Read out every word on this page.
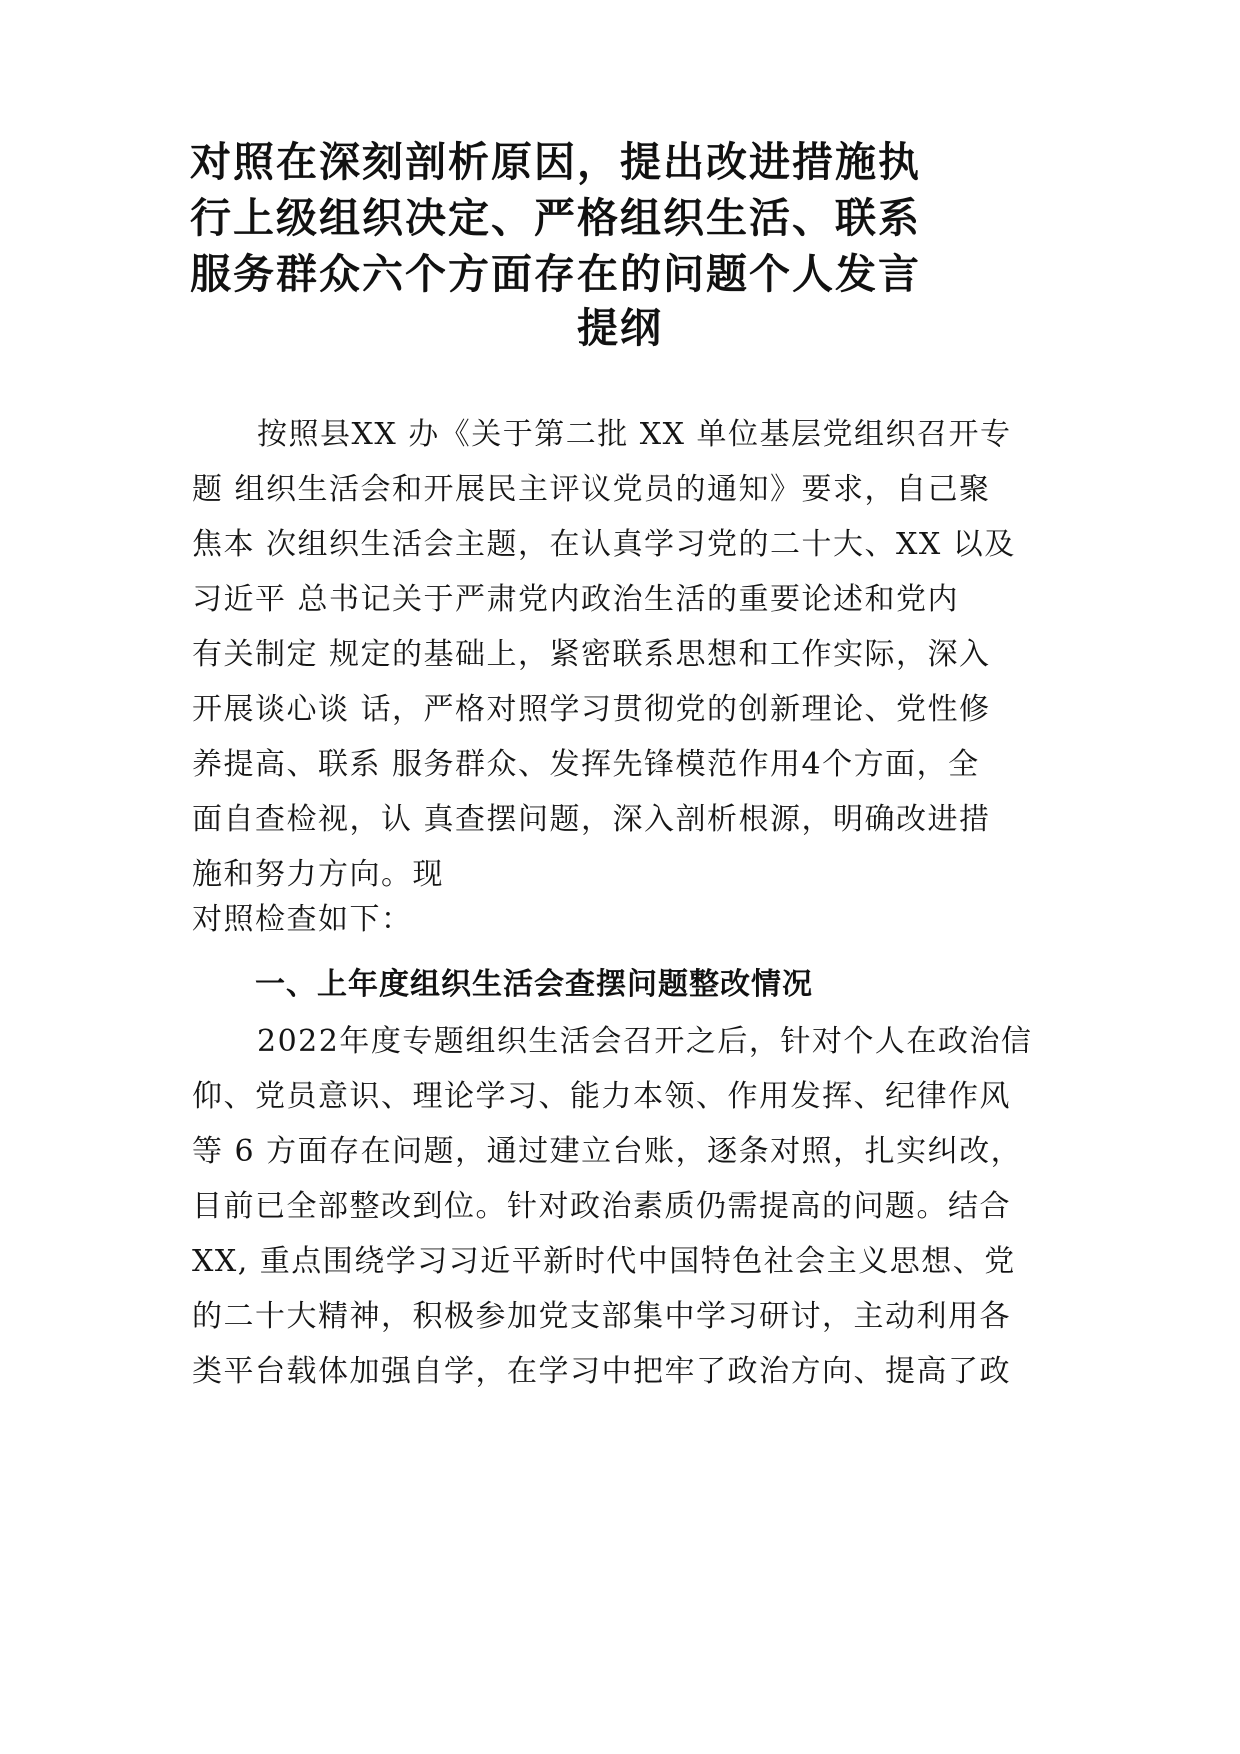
对照在深刻剖析原因，提出改进措施执
行上级组织决定、严格组织生活、联系
服务群众六个方面存在的问题个人发言
提纲
按照县XX 办《关于第二批 XX 单位基层党组织召开专
题 组织生活会和开展民主评议党员的通知》要求，自己聚
焦本 次组织生活会主题，在认真学习党的二十大、XX 以及
习近平 总书记关于严肃党内政治生活的重要论述和党内
有关制定 规定的基础上，紧密联系思想和工作实际，深入
开展谈心谈 话，严格对照学习贯彻党的创新理论、党性修
养提高、联系 服务群众、发挥先锋模范作用4个方面，全
面自查检视，认 真查摆问题，深入剖析根源，明确改进措
施和努力方向。现
对照检查如下：
一、上年度组织生活会查摆问题整改情况
2022年度专题组织生活会召开之后，针对个人在政治信
仰、党员意识、理论学习、能力本领、作用发挥、纪律作风
等 6 方面存在问题，通过建立台账，逐条对照，扎实纠改，
目前已全部整改到位。针对政治素质仍需提高的问题。结合
XX, 重点围绕学习习近平新时代中国特色社会主义思想、党
的二十大精神，积极参加党支部集中学习研讨，主动利用各
类平台载体加强自学，在学习中把牢了政治方向、提高了政
